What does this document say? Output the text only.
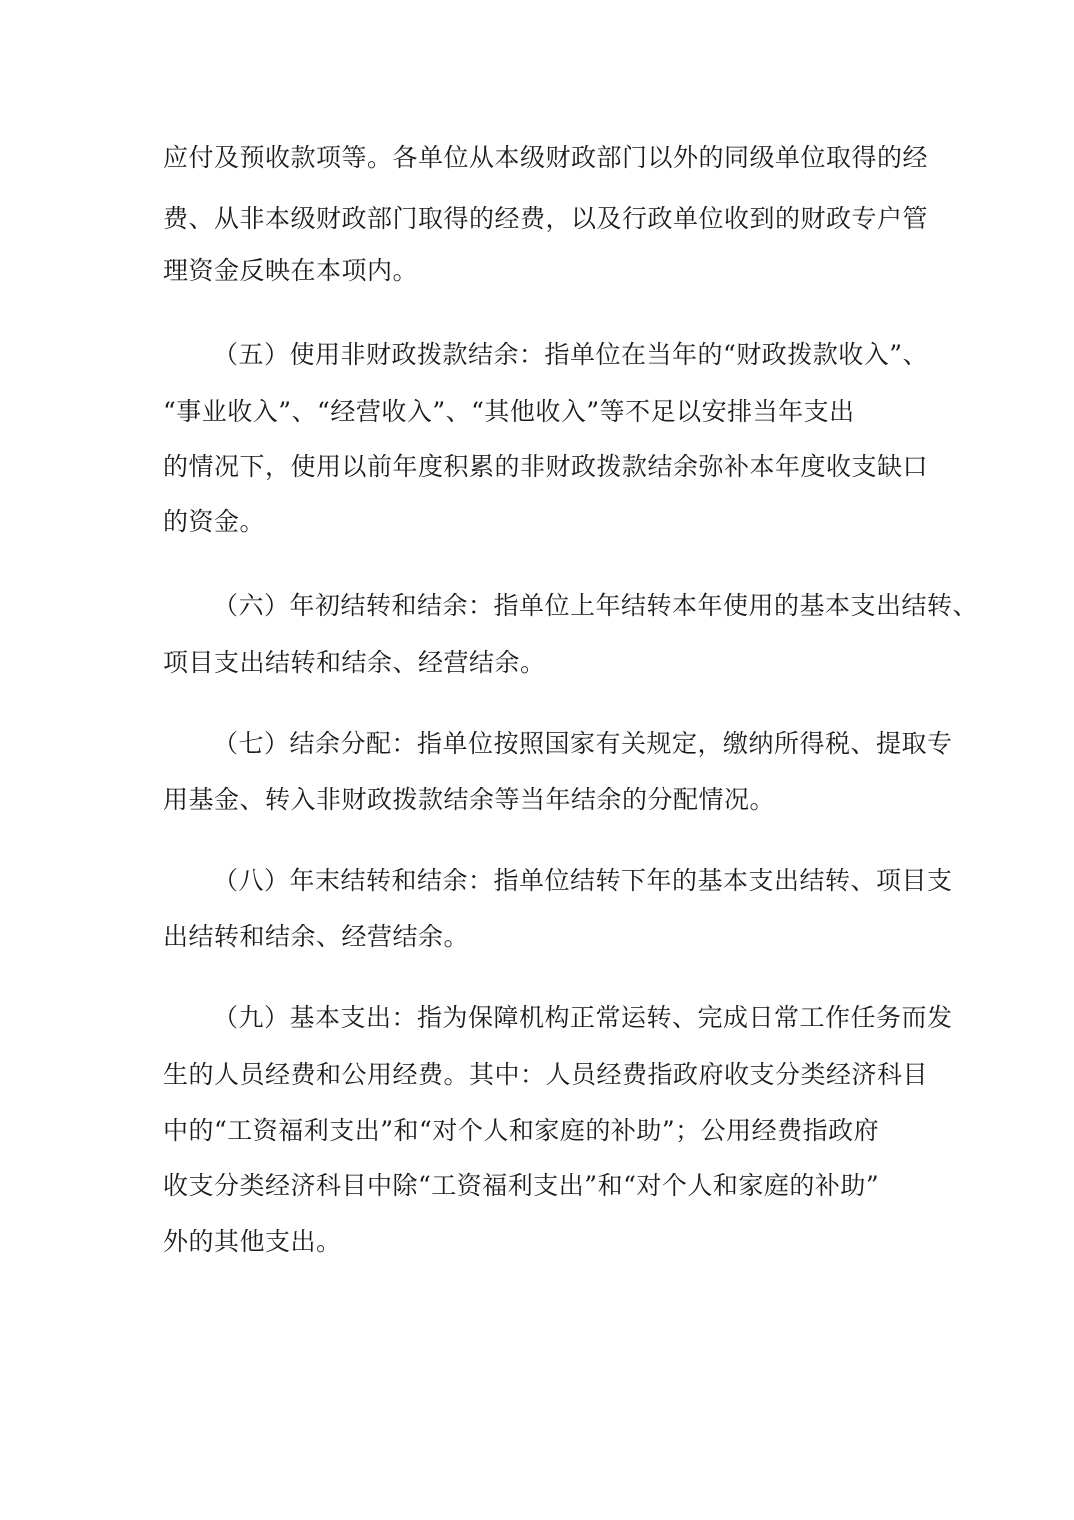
应付及预收款项等。各单位从本级财政部门以外的同级单位取得的经
费、从非本级财政部门取得的经费，以及行政单位收到的财政专户管
理资金反映在本项内。
（五）使用非财政拨款结余：指单位在当年的“财政拨款收入”、
“事业收入”、“经营收入”、“其他收入”等不足以安排当年支出
的情况下，使用以前年度积累的非财政拨款结余弥补本年度收支缺口
的资金。
（六）年初结转和结余：指单位上年结转本年使用的基本支出结转、
项目支出结转和结余、经营结余。
（七）结余分配：指单位按照国家有关规定，缴纳所得税、提取专
用基金、转入非财政拨款结余等当年结余的分配情况。
（八）年末结转和结余：指单位结转下年的基本支出结转、项目支
出结转和结余、经营结余。
（九）基本支出：指为保障机构正常运转、完成日常工作任务而发
生的人员经费和公用经费。其中：人员经费指政府收支分类经济科目
中的“工资福利支出”和“对个人和家庭的补助”；公用经费指政府
收支分类经济科目中除“工资福利支出”和“对个人和家庭的补助”
外的其他支出。
